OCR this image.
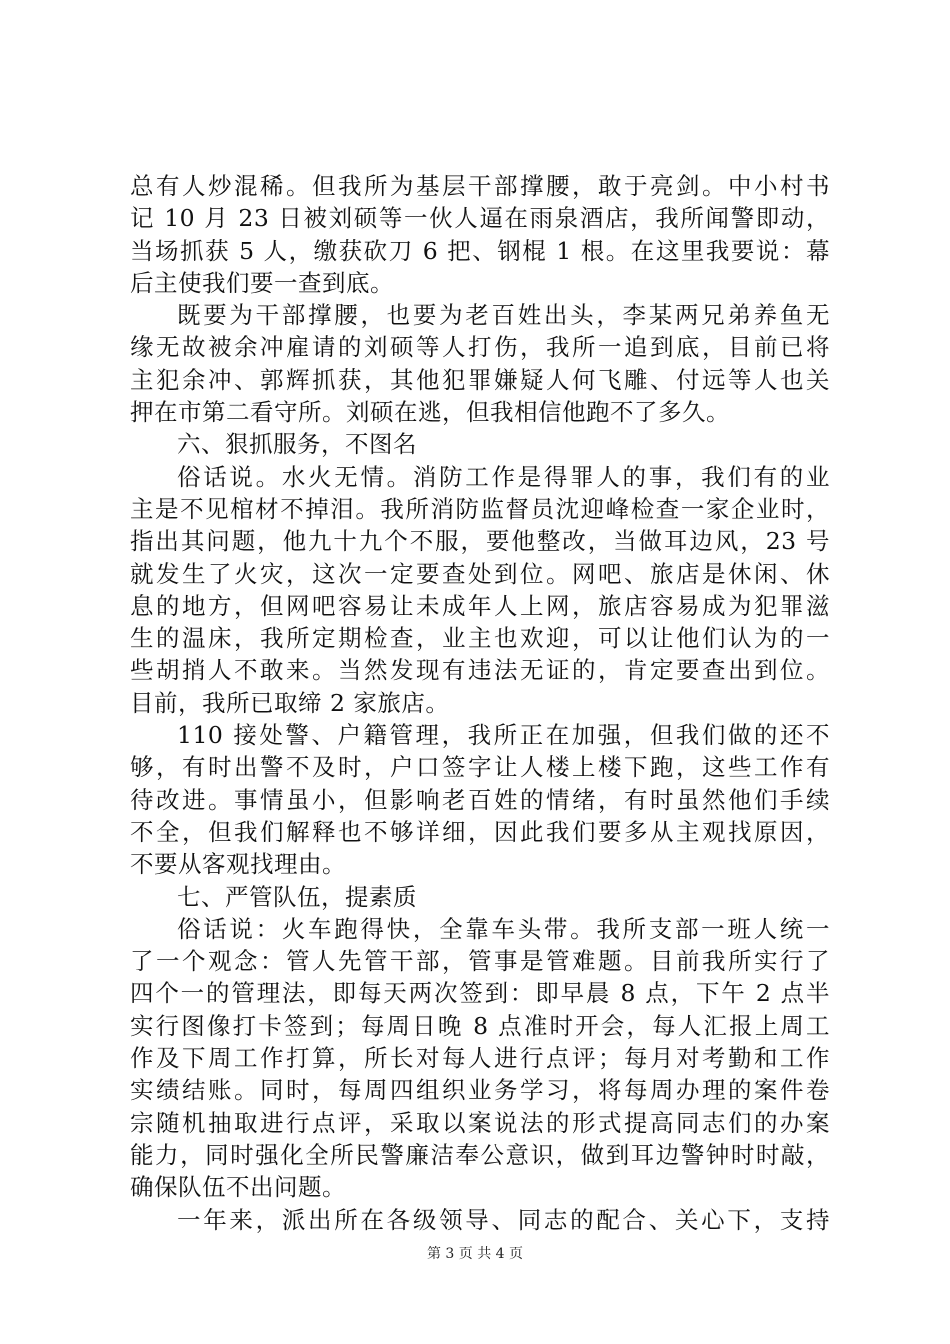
总有人炒混稀。但我所为基层干部撑腰，敢于亮剑。中小村书
记 10 月 23 日被刘硕等一伙人逼在雨泉酒店，我所闻警即动，
当场抓获 5 人，缴获砍刀 6 把、钢棍 1 根。在这里我要说：幕
后主使我们要一查到底。
既要为干部撑腰，也要为老百姓出头，李某两兄弟养鱼无
缘无故被余冲雇请的刘硕等人打伤，我所一追到底，目前已将
主犯余冲、郭辉抓获，其他犯罪嫌疑人何飞雕、付远等人也关
押在市第二看守所。刘硕在逃，但我相信他跑不了多久。
六、狠抓服务，不图名
俗话说。水火无情。消防工作是得罪人的事，我们有的业
主是不见棺材不掉泪。我所消防监督员沈迎峰检查一家企业时，
指出其问题，他九十九个不服，要他整改，当做耳边风，23 号
就发生了火灾，这次一定要查处到位。网吧、旅店是休闲、休
息的地方，但网吧容易让未成年人上网，旅店容易成为犯罪滋
生的温床，我所定期检查，业主也欢迎，可以让他们认为的一
些胡捎人不敢来。当然发现有违法无证的，肯定要查出到位。
目前，我所已取缔 2 家旅店。
110 接处警、户籍管理，我所正在加强，但我们做的还不
够，有时出警不及时，户口签字让人楼上楼下跑，这些工作有
待改进。事情虽小，但影响老百姓的情绪，有时虽然他们手续
不全，但我们解释也不够详细，因此我们要多从主观找原因，
不要从客观找理由。
七、严管队伍，提素质
俗话说：火车跑得快，全靠车头带。我所支部一班人统一
了一个观念：管人先管干部，管事是管难题。目前我所实行了
四个一的管理法，即每天两次签到：即早晨 8 点，下午 2 点半
实行图像打卡签到；每周日晚 8 点准时开会，每人汇报上周工
作及下周工作打算，所长对每人进行点评；每月对考勤和工作
实绩结账。同时，每周四组织业务学习，将每周办理的案件卷
宗随机抽取进行点评，采取以案说法的形式提高同志们的办案
能力，同时强化全所民警廉洁奉公意识，做到耳边警钟时时敲，
确保队伍不出问题。
一年来，派出所在各级领导、同志的配合、关心下，支持
第 3 页 共 4 页
